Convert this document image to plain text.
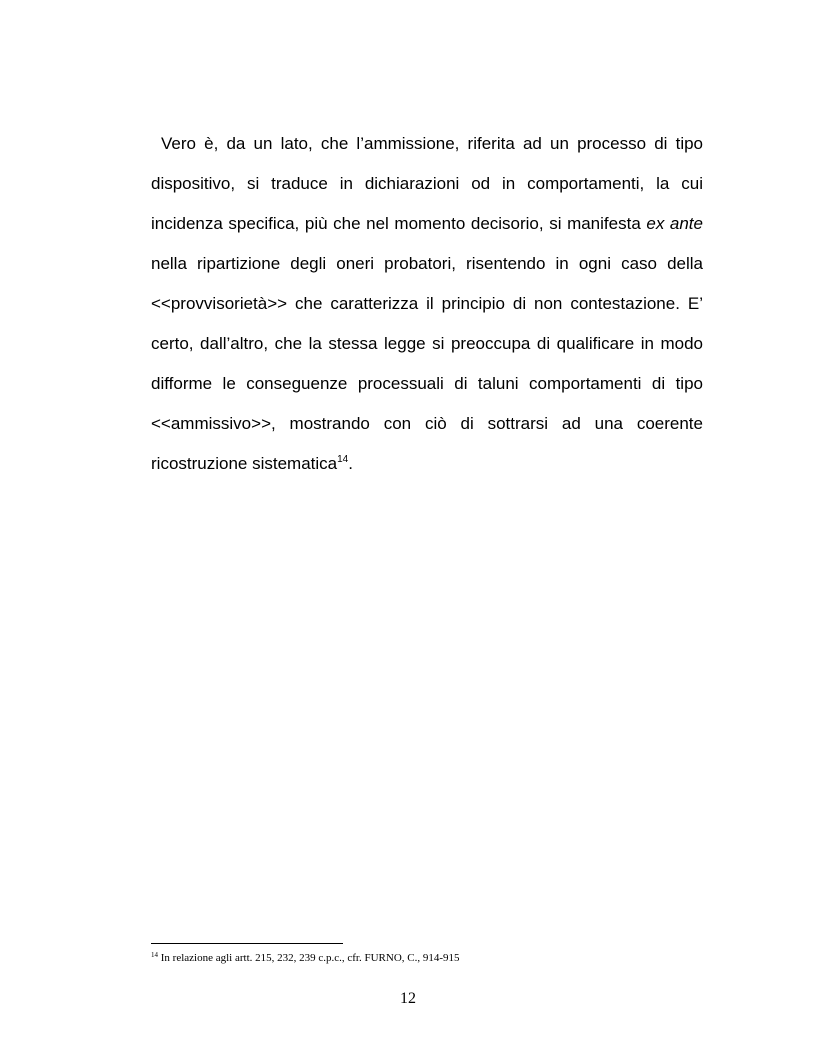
Vero è, da un lato, che l’ammissione, riferita ad un processo di tipo dispositivo, si traduce in dichiarazioni od in comportamenti, la cui incidenza specifica, più che nel momento decisorio, si manifesta ex ante nella ripartizione degli oneri probatori, risentendo in ogni caso della <<provvisorietà>> che caratterizza il principio di non contestazione. E’ certo, dall’altro, che la stessa legge si preoccupa di qualificare in modo difforme le conseguenze processuali di taluni comportamenti di tipo <<ammissivo>>, mostrando con ciò di sottrarsi ad una coerente ricostruzione sistematica$^{14}$.

$^{14}$ In relazione agli artt. 215, 232, 239 c.p.c., cfr. FURNO, C., 914-915

12
